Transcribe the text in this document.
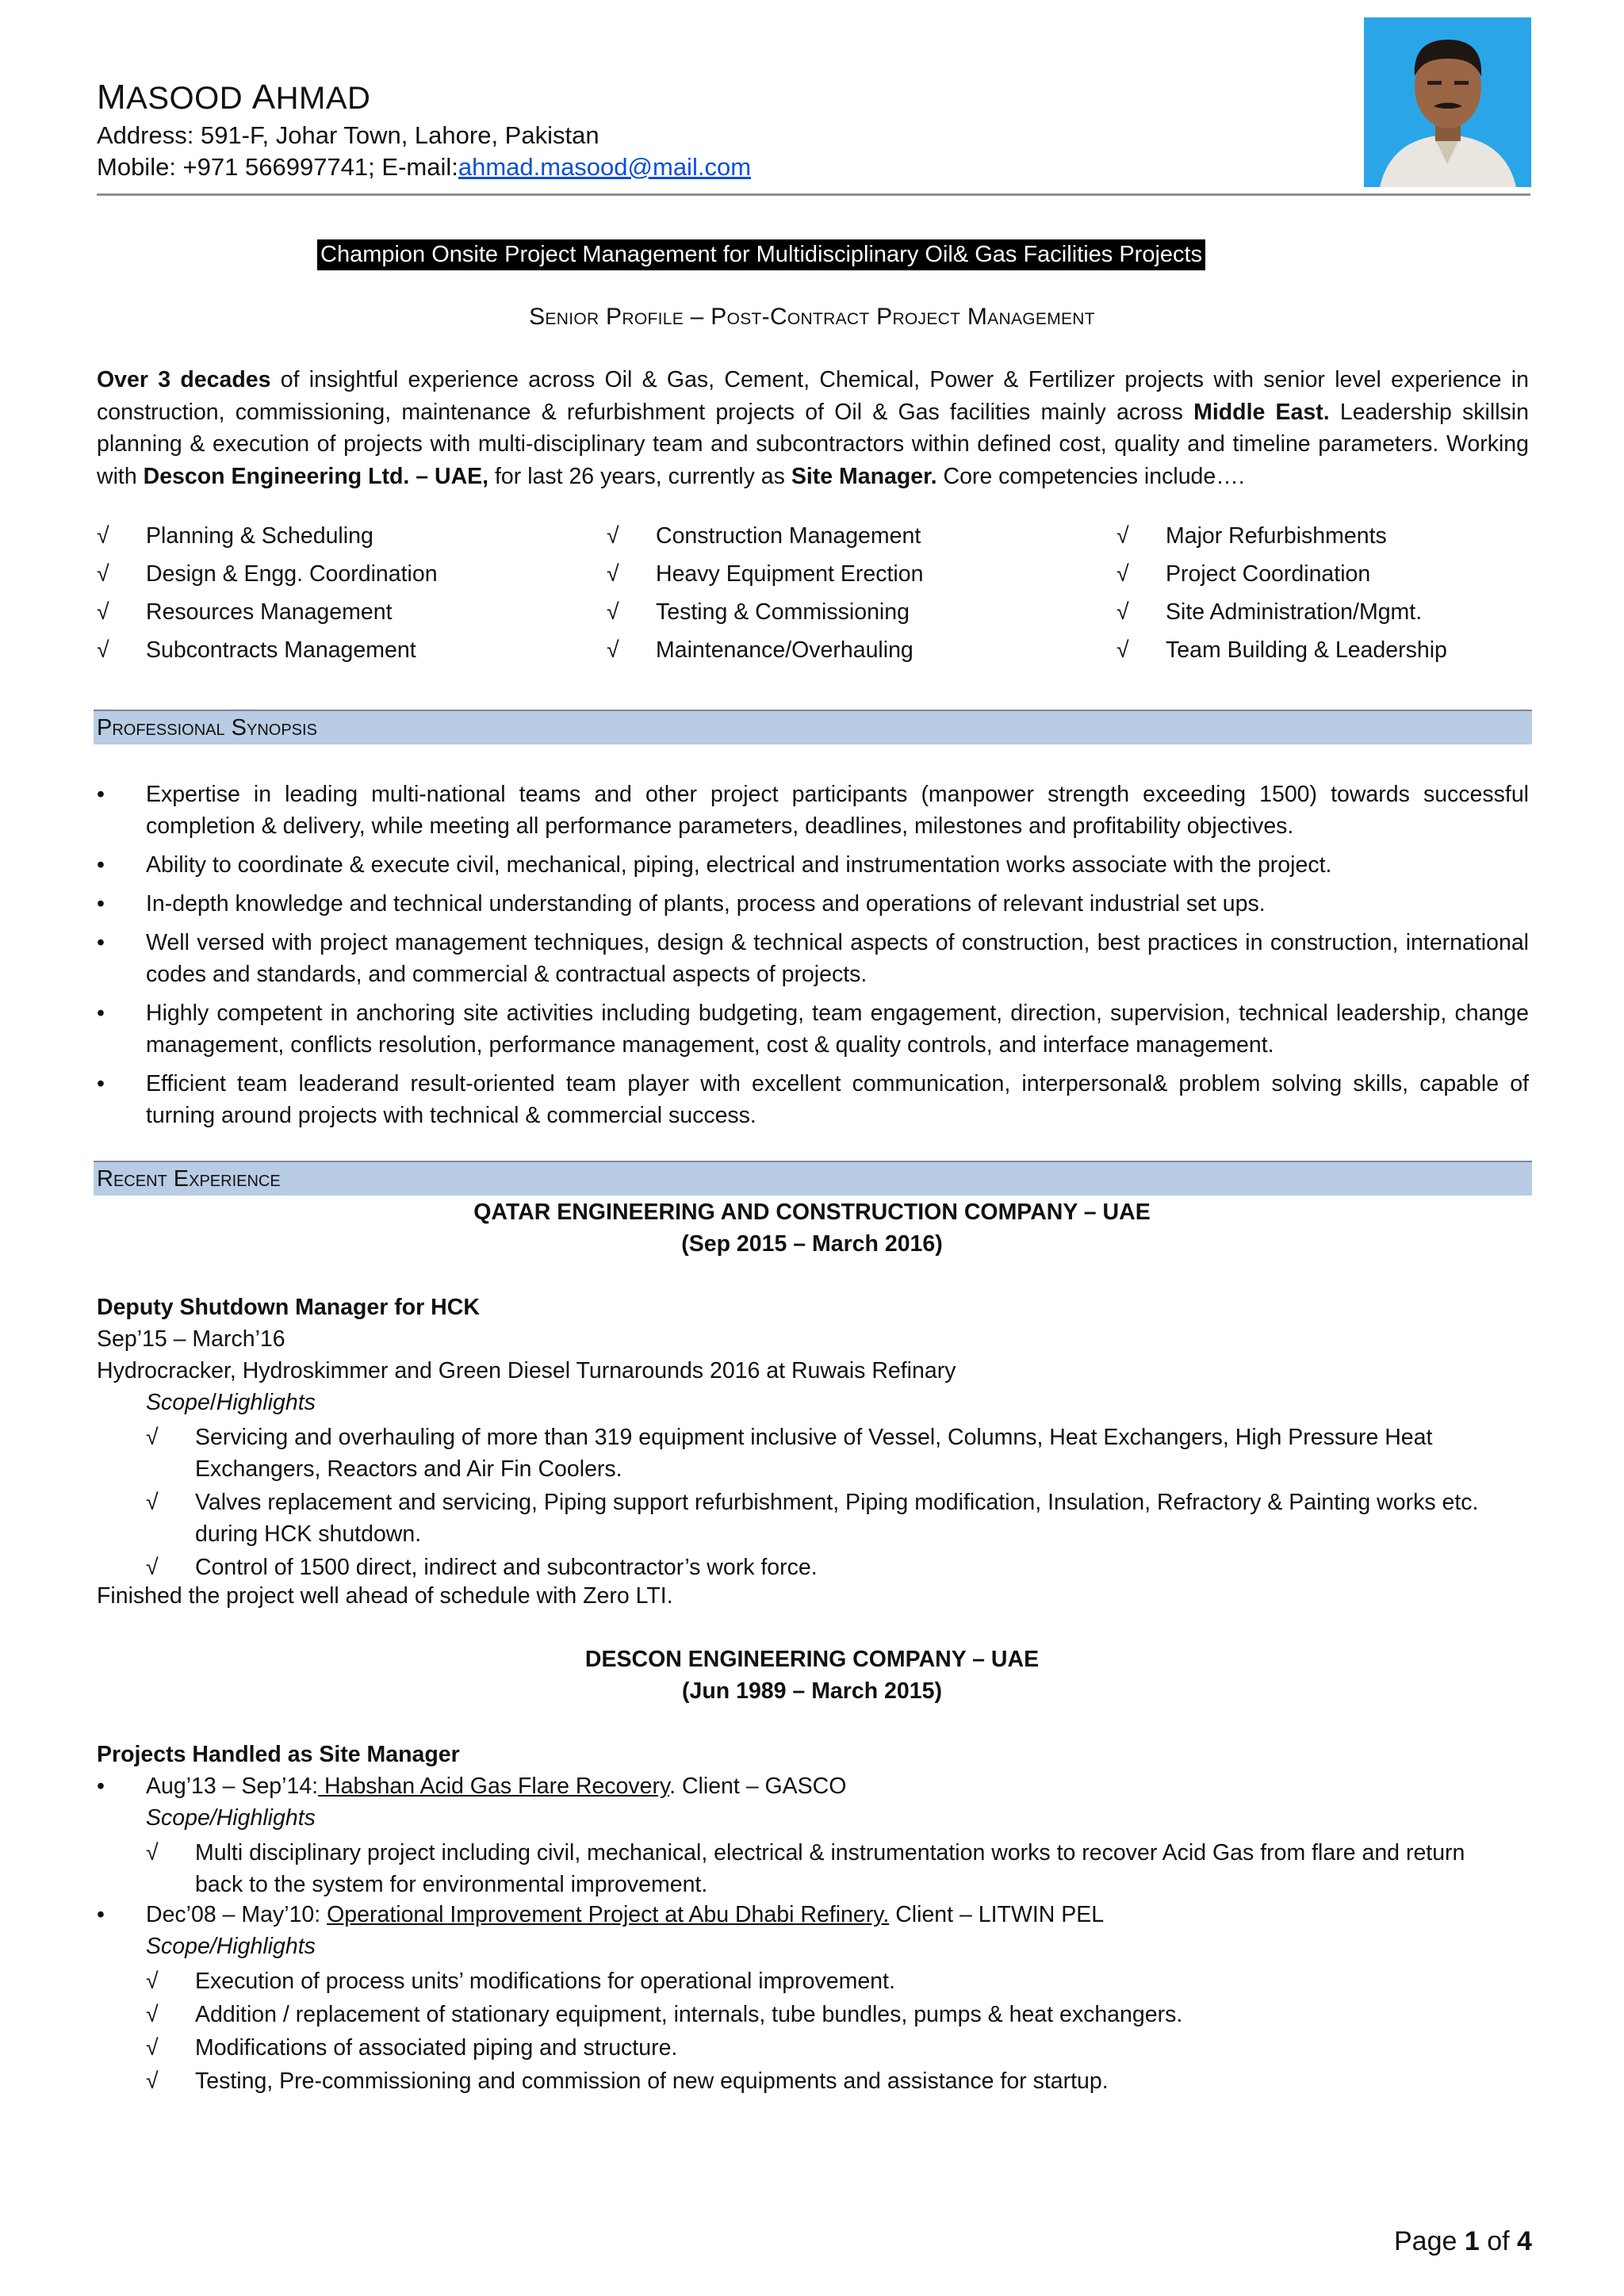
MASOOD AHMAD
Address: 591-F, Johar Town, Lahore, Pakistan
Mobile: +971 566997741; E-mail:ahmad.masood@mail.com
Champion Onsite Project Management for Multidisciplinary Oil& Gas Facilities Projects
Senior Profile – Post-Contract Project Management

Over 3 decades of insightful experience across Oil & Gas, Cement, Chemical, Power & Fertilizer projects with senior level experience in construction, commissioning, maintenance & refurbishment projects of Oil & Gas facilities mainly across Middle East. Leadership skillsin planning & execution of projects with multi-disciplinary team and subcontractors within defined cost, quality and timeline parameters. Working with Descon Engineering Ltd. – UAE, for last 26 years, currently as Site Manager. Core competencies include….

√ Planning & Scheduling
√ Design & Engg. Coordination
√ Resources Management
√ Subcontracts Management
√ Construction Management
√ Heavy Equipment Erection
√ Testing & Commissioning
√ Maintenance/Overhauling
√ Major Refurbishments
√ Project Coordination
√ Site Administration/Mgmt.
√ Team Building & Leadership
Professional Synopsis
• Expertise in leading multi-national teams and other project participants (manpower strength exceeding 1500) towards successful completion & delivery, while meeting all performance parameters, deadlines, milestones and profitability objectives.
• Ability to coordinate & execute civil, mechanical, piping, electrical and instrumentation works associate with the project.
• In-depth knowledge and technical understanding of plants, process and operations of relevant industrial set ups.
• Well versed with project management techniques, design & technical aspects of construction, best practices in construction, international codes and standards, and commercial & contractual aspects of projects.
• Highly competent in anchoring site activities including budgeting, team engagement, direction, supervision, technical leadership, change management, conflicts resolution, performance management, cost & quality controls, and interface management.
• Efficient team leaderand result-oriented team player with excellent communication, interpersonal& problem solving skills, capable of turning around projects with technical & commercial success.
Recent Experience
QATAR ENGINEERING AND CONSTRUCTION COMPANY – UAE
(Sep 2015 – March 2016)
Deputy Shutdown Manager for HCK
Sep’15 – March’16
Hydrocracker, Hydroskimmer and Green Diesel Turnarounds 2016 at Ruwais Refinary
Scope/Highlights
√ Servicing and overhauling of more than 319 equipment inclusive of Vessel, Columns, Heat Exchangers, High Pressure Heat Exchangers, Reactors and Air Fin Coolers.
√ Valves replacement and servicing, Piping support refurbishment, Piping modification, Insulation, Refractory & Painting works etc. during HCK shutdown.
√ Control of 1500 direct, indirect and subcontractor’s work force.
Finished the project well ahead of schedule with Zero LTI.
DESCON ENGINEERING COMPANY – UAE
(Jun 1989 – March 2015)
Projects Handled as Site Manager
• Aug’13 – Sep’14: Habshan Acid Gas Flare Recovery. Client – GASCO
Scope/Highlights
√ Multi disciplinary project including civil, mechanical, electrical & instrumentation works to recover Acid Gas from flare and return back to the system for environmental improvement.
• Dec’08 – May’10: Operational Improvement Project at Abu Dhabi Refinery. Client – LITWIN PEL
Scope/Highlights
√ Execution of process units’ modifications for operational improvement.
√ Addition / replacement of stationary equipment, internals, tube bundles, pumps & heat exchangers.
√ Modifications of associated piping and structure.
√ Testing, Pre-commissioning and commission of new equipments and assistance for startup.
Page 1 of 4
